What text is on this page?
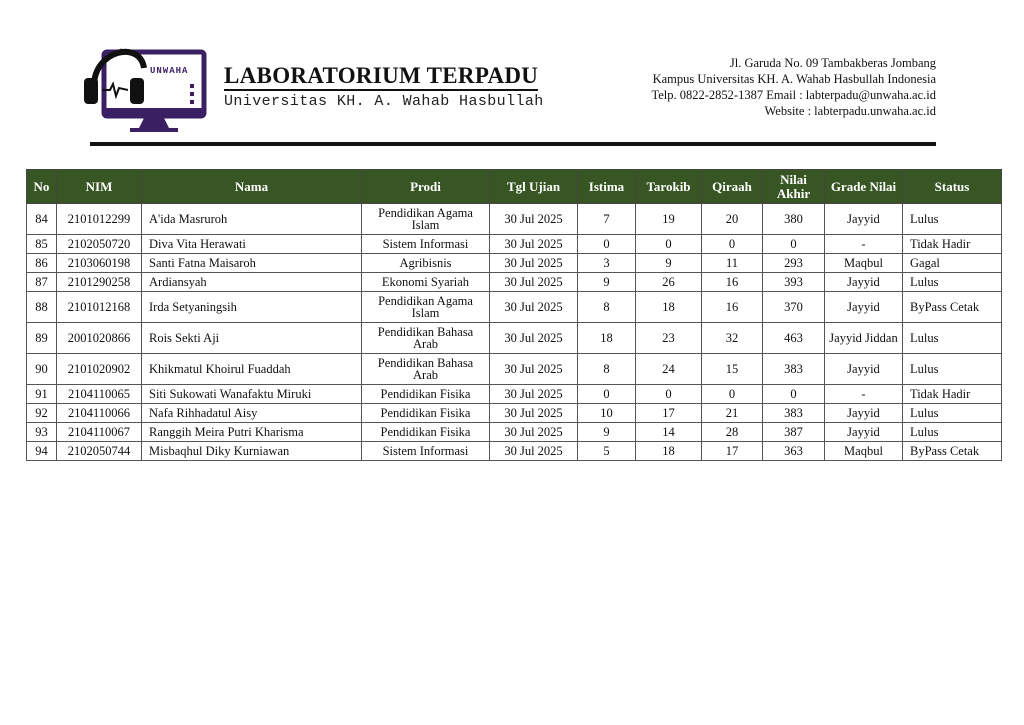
UNWAHA LABORATORIUM TERPADU
Universitas KH. A. Wahab Hasbullah
Jl. Garuda No. 09 Tambakberas Jombang
Kampus Universitas KH. A. Wahab Hasbullah Indonesia
Telp. 0822-2852-1387 Email : labterpadu@unwaha.ac.id
Website : labterpadu.unwaha.ac.id
No	NIM	Nama	Prodi	Tgl Ujian	Istima	Tarokib	Qiraah	Nilai Akhir	Grade Nilai	Status
84	2101012299	A'ida Masruroh	Pendidikan Agama Islam	30 Jul 2025	7	19	20	380	Jayyid	Lulus
85	2102050720	Diva Vita Herawati	Sistem Informasi	30 Jul 2025	0	0	0	0	-	Tidak Hadir
86	2103060198	Santi Fatna Maisaroh	Agribisnis	30 Jul 2025	3	9	11	293	Maqbul	Gagal
87	2101290258	Ardiansyah	Ekonomi Syariah	30 Jul 2025	9	26	16	393	Jayyid	Lulus
88	2101012168	Irda Setyaningsih	Pendidikan Agama Islam	30 Jul 2025	8	18	16	370	Jayyid	ByPass Cetak
89	2001020866	Rois Sekti Aji	Pendidikan Bahasa Arab	30 Jul 2025	18	23	32	463	Jayyid Jiddan	Lulus
90	2101020902	Khikmatul Khoirul Fuaddah	Pendidikan Bahasa Arab	30 Jul 2025	8	24	15	383	Jayyid	Lulus
91	2104110065	Siti Sukowati Wanafaktu Miruki	Pendidikan Fisika	30 Jul 2025	0	0	0	0	-	Tidak Hadir
92	2104110066	Nafa Rihhadatul Aisy	Pendidikan Fisika	30 Jul 2025	10	17	21	383	Jayyid	Lulus
93	2104110067	Ranggih Meira Putri Kharisma	Pendidikan Fisika	30 Jul 2025	9	14	28	387	Jayyid	Lulus
94	2102050744	Misbaqhul Diky Kurniawan	Sistem Informasi	30 Jul 2025	5	18	17	363	Maqbul	ByPass Cetak
